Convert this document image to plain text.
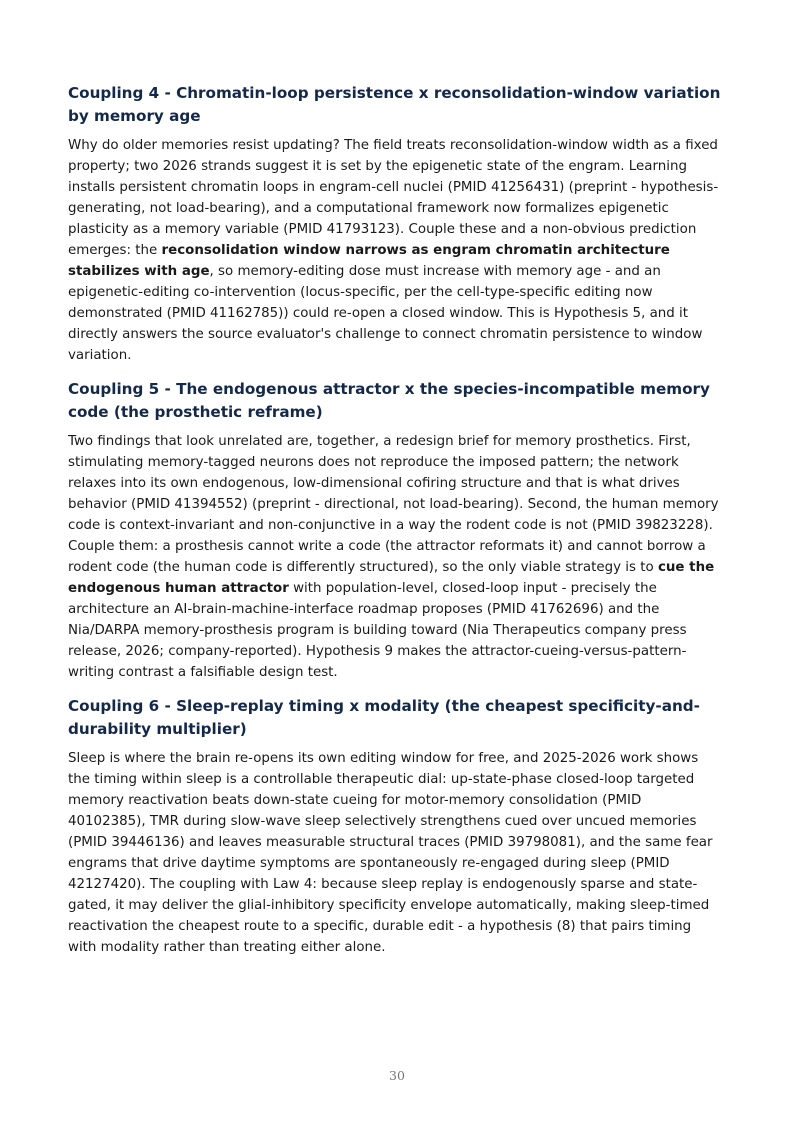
Coupling 4 - Chromatin-loop persistence x reconsolidation-window variation by memory age

Why do older memories resist updating? The field treats reconsolidation-window width as a fixed property; two 2026 strands suggest it is set by the epigenetic state of the engram. Learning installs persistent chromatin loops in engram-cell nuclei (PMID 41256431) (preprint - hypothesis-generating, not load-bearing), and a computational framework now formalizes epigenetic plasticity as a memory variable (PMID 41793123). Couple these and a non-obvious prediction emerges: the reconsolidation window narrows as engram chromatin architecture stabilizes with age, so memory-editing dose must increase with memory age - and an epigenetic-editing co-intervention (locus-specific, per the cell-type-specific editing now demonstrated (PMID 41162785)) could re-open a closed window. This is Hypothesis 5, and it directly answers the source evaluator's challenge to connect chromatin persistence to window variation.

Coupling 5 - The endogenous attractor x the species-incompatible memory code (the prosthetic reframe)

Two findings that look unrelated are, together, a redesign brief for memory prosthetics. First, stimulating memory-tagged neurons does not reproduce the imposed pattern; the network relaxes into its own endogenous, low-dimensional cofiring structure and that is what drives behavior (PMID 41394552) (preprint - directional, not load-bearing). Second, the human memory code is context-invariant and non-conjunctive in a way the rodent code is not (PMID 39823228). Couple them: a prosthesis cannot write a code (the attractor reformats it) and cannot borrow a rodent code (the human code is differently structured), so the only viable strategy is to cue the endogenous human attractor with population-level, closed-loop input - precisely the architecture an AI-brain-machine-interface roadmap proposes (PMID 41762696) and the Nia/DARPA memory-prosthesis program is building toward (Nia Therapeutics company press release, 2026; company-reported). Hypothesis 9 makes the attractor-cueing-versus-pattern-writing contrast a falsifiable design test.

Coupling 6 - Sleep-replay timing x modality (the cheapest specificity-and-durability multiplier)

Sleep is where the brain re-opens its own editing window for free, and 2025-2026 work shows the timing within sleep is a controllable therapeutic dial: up-state-phase closed-loop targeted memory reactivation beats down-state cueing for motor-memory consolidation (PMID 40102385), TMR during slow-wave sleep selectively strengthens cued over uncued memories (PMID 39446136) and leaves measurable structural traces (PMID 39798081), and the same fear engrams that drive daytime symptoms are spontaneously re-engaged during sleep (PMID 42127420). The coupling with Law 4: because sleep replay is endogenously sparse and state-gated, it may deliver the glial-inhibitory specificity envelope automatically, making sleep-timed reactivation the cheapest route to a specific, durable edit - a hypothesis (8) that pairs timing with modality rather than treating either alone.

30
